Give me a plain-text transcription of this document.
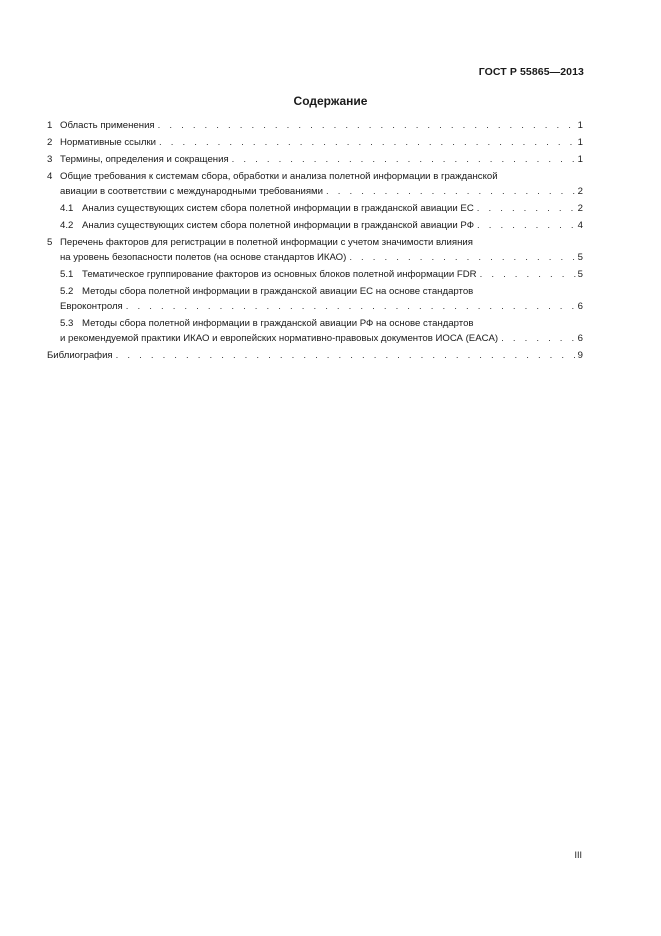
ГОСТ Р 55865—2013
Содержание
1 Область применения . . .	1
2 Нормативные ссылки . . .	1
3 Термины, определения и сокращения . . .	1
4 Общие требования к системам сбора, обработки и анализа полетной информации в гражданской
авиации в соответствии с международными требованиями . . .	2
4.1 Анализ существующих систем сбора полетной информации в гражданской авиации ЕС . . .	2
4.2 Анализ существующих систем сбора полетной информации в гражданской авиации РФ . . .	4
5 Перечень факторов для регистрации в полетной информации с учетом значимости влияния
на уровень безопасности полетов (на основе стандартов ИКАО) . . .	5
5.1 Тематическое группирование факторов из основных блоков полетной информации FDR . . .	5
5.2 Методы сбора полетной информации в гражданской авиации ЕС на основе стандартов
Евроконтроля . . .	6
5.3 Методы сбора полетной информации в гражданской авиации РФ на основе стандартов
и рекомендуемой практики ИКАО и европейских нормативно-правовых документов ИОСА (EACA) . . .	6
Библиография . . .	9
III
